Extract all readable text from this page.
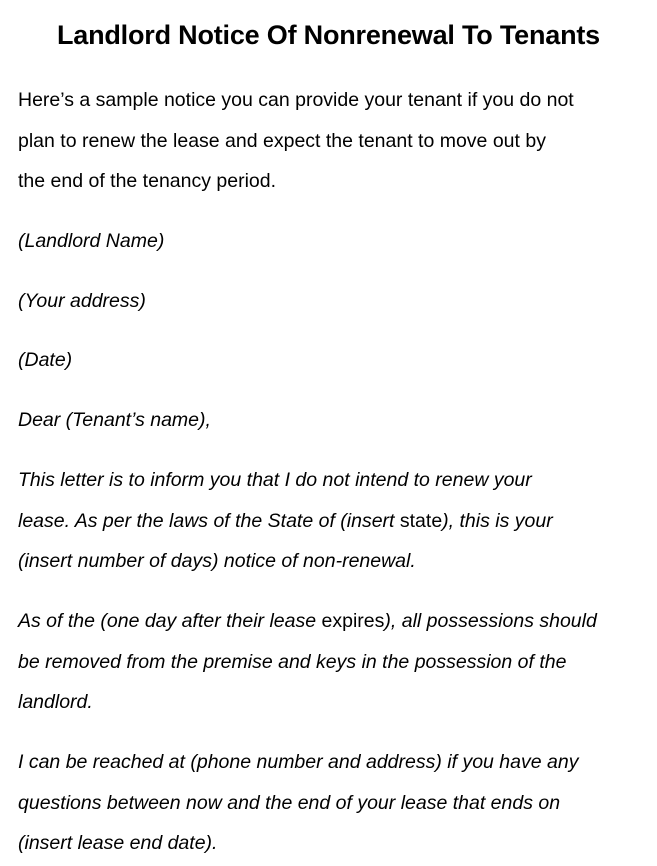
Landlord Notice Of Nonrenewal To Tenants
Here’s a sample notice you can provide your tenant if you do not
plan to renew the lease and expect the tenant to move out by
the end of the tenancy period.
(Landlord Name)
(Your address)
(Date)
Dear (Tenant’s name),
This letter is to inform you that I do not intend to renew your
lease. As per the laws of the State of (insert state), this is your
(insert number of days) notice of non-renewal.
As of the (one day after their lease expires), all possessions should
be removed from the premise and keys in the possession of the
landlord.
I can be reached at (phone number and address) if you have any
questions between now and the end of your lease that ends on
(insert lease end date).
